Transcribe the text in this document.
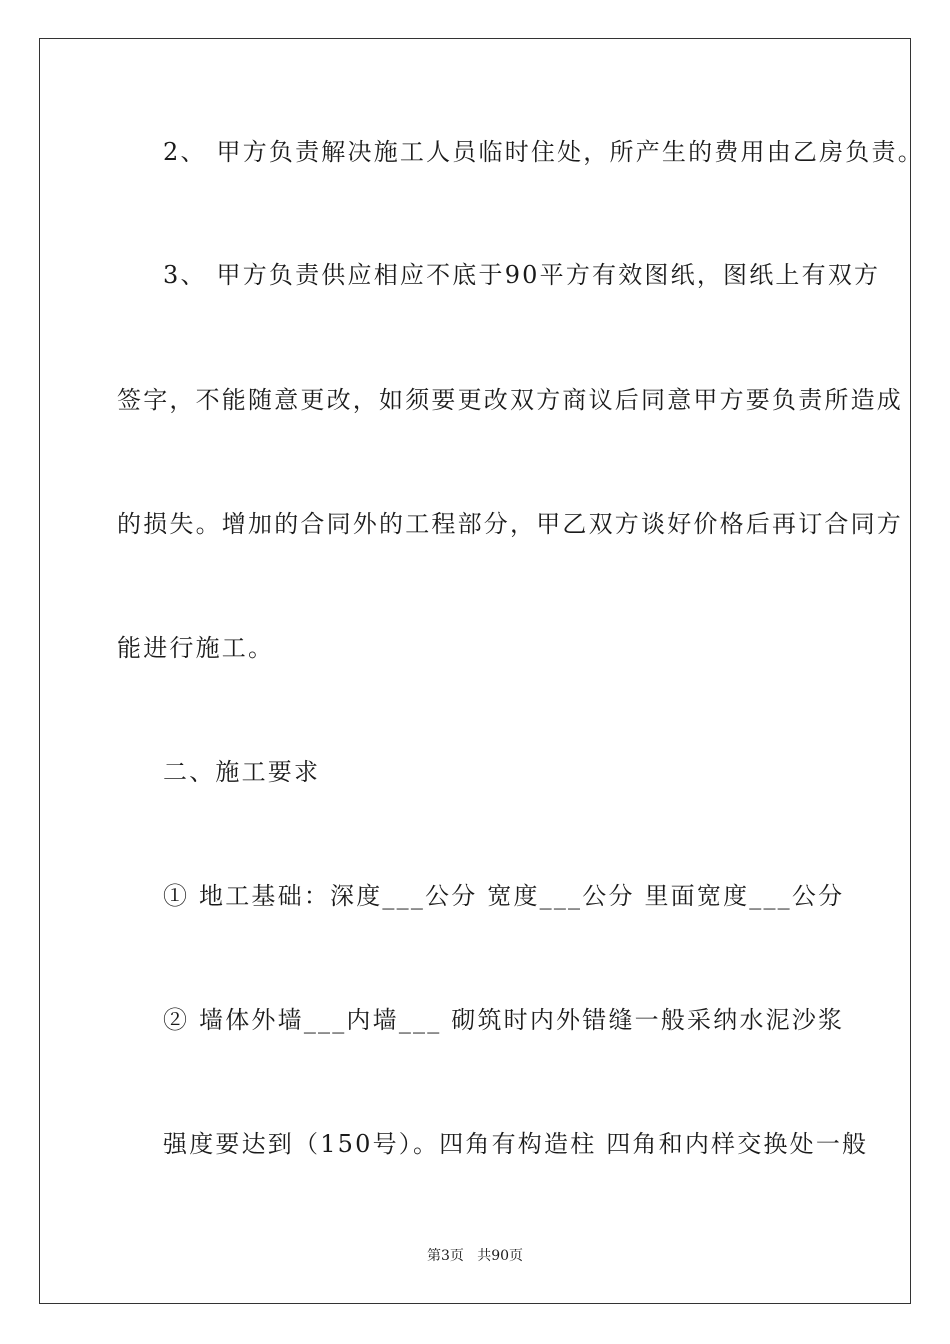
2、 甲方负责解决施工人员临时住处，所产生的费用由乙房负责。
3、 甲方负责供应相应不底于90平方有效图纸，图纸上有双方
签字，不能随意更改，如须要更改双方商议后同意甲方要负责所造成
的损失。增加的合同外的工程部分，甲乙双方谈好价格后再订合同方
能进行施工。
二、施工要求
① 地工基础：深度___公分 宽度___公分 里面宽度___公分
② 墙体外墙___内墙___ 砌筑时内外错缝一般采纳水泥沙浆
强度要达到（150号）。四角有构造柱 四角和内样交换处一般
第3页   共90页
